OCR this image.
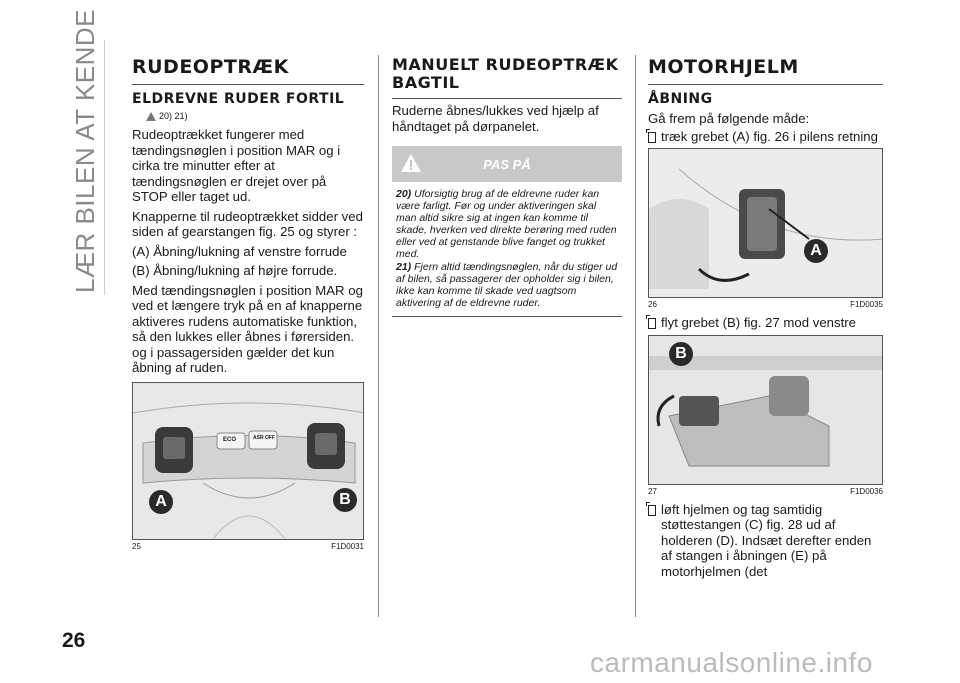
LÆR BILEN AT KENDE
26
RUDEOPTRÆK
ELDREVNE RUDER FORTIL
20) 21)

Rudeoptrækket fungerer med tændingsnøglen i position MAR og i cirka tre minutter efter at tændingsnøglen er drejet over på STOP eller taget ud.

Knapperne til rudeoptrækket sidder ved siden af gearstangen fig. 25 og styrer :

(A) Åbning/lukning af venstre forrude

(B) Åbning/lukning af højre forrude.

Med tændingsnøglen i position MAR og ved et længere tryk på en af knapperne aktiveres rudens automatiske funktion, så den lukkes eller åbnes i førersiden. og i passagersiden gælder det kun åbning af ruden.

ECO	ASR OFF
A	B
25	F1D0031
MANUELT RUDEOPTRÆK BAGTIL

Ruderne åbnes/lukkes ved hjælp af håndtaget på dørpanelet.

PAS PÅ

20) Uforsigtig brug af de eldrevne ruder kan være farligt. Før og under aktiveringen skal man altid sikre sig at ingen kan komme til skade, hverken ved direkte berøring med ruden eller ved at genstande blive fanget og trukket med.

21) Fjern altid tændingsnøglen, når du stiger ud af bilen, så passagerer der opholder sig i bilen, ikke kan komme til skade ved uagtsom aktivering af de eldrevne ruder.

MOTORHJELM
ÅBNING

Gå frem på følgende måde:

træk grebet (A) fig. 26 i pilens retning
A
26	F1D0035
flyt grebet (B) fig. 27 mod venstre
B
27	F1D0036
løft hjelmen og tag samtidig støttestangen (C) fig. 28 ud af holderen (D). Indsæt derefter enden af stangen i åbningen (E) på motorhjelmen (det
carmanualsonline.info
